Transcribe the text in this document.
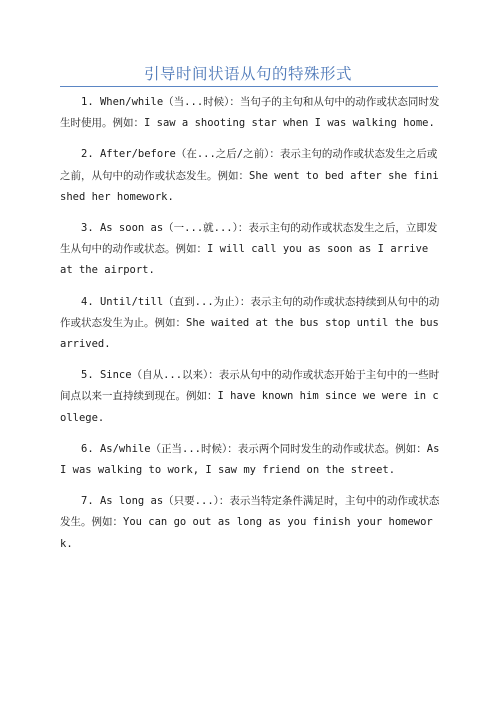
引导时间状语从句的特殊形式

1. When/while（当...时候）：当句子的主句和从句中的动作或状态同时发生时使用。例如：I saw a shooting star when I was walking home.

2. After/before（在...之后/之前）：表示主句的动作或状态发生之后或之前，从句中的动作或状态发生。例如：She went to bed after she finished her homework.

3. As soon as（一...就...）：表示主句的动作或状态发生之后，立即发生从句中的动作或状态。例如：I will call you as soon as I arrive at the airport.

4. Until/till（直到...为止）：表示主句的动作或状态持续到从句中的动作或状态发生为止。例如：She waited at the bus stop until the bus arrived.

5. Since（自从...以来）：表示从句中的动作或状态开始于主句中的一些时间点以来一直持续到现在。例如：I have known him since we were in college.

6. As/while（正当...时候）：表示两个同时发生的动作或状态。例如：As I was walking to work, I saw my friend on the street.

7. As long as（只要...）：表示当特定条件满足时，主句中的动作或状态发生。例如：You can go out as long as you finish your homework.
